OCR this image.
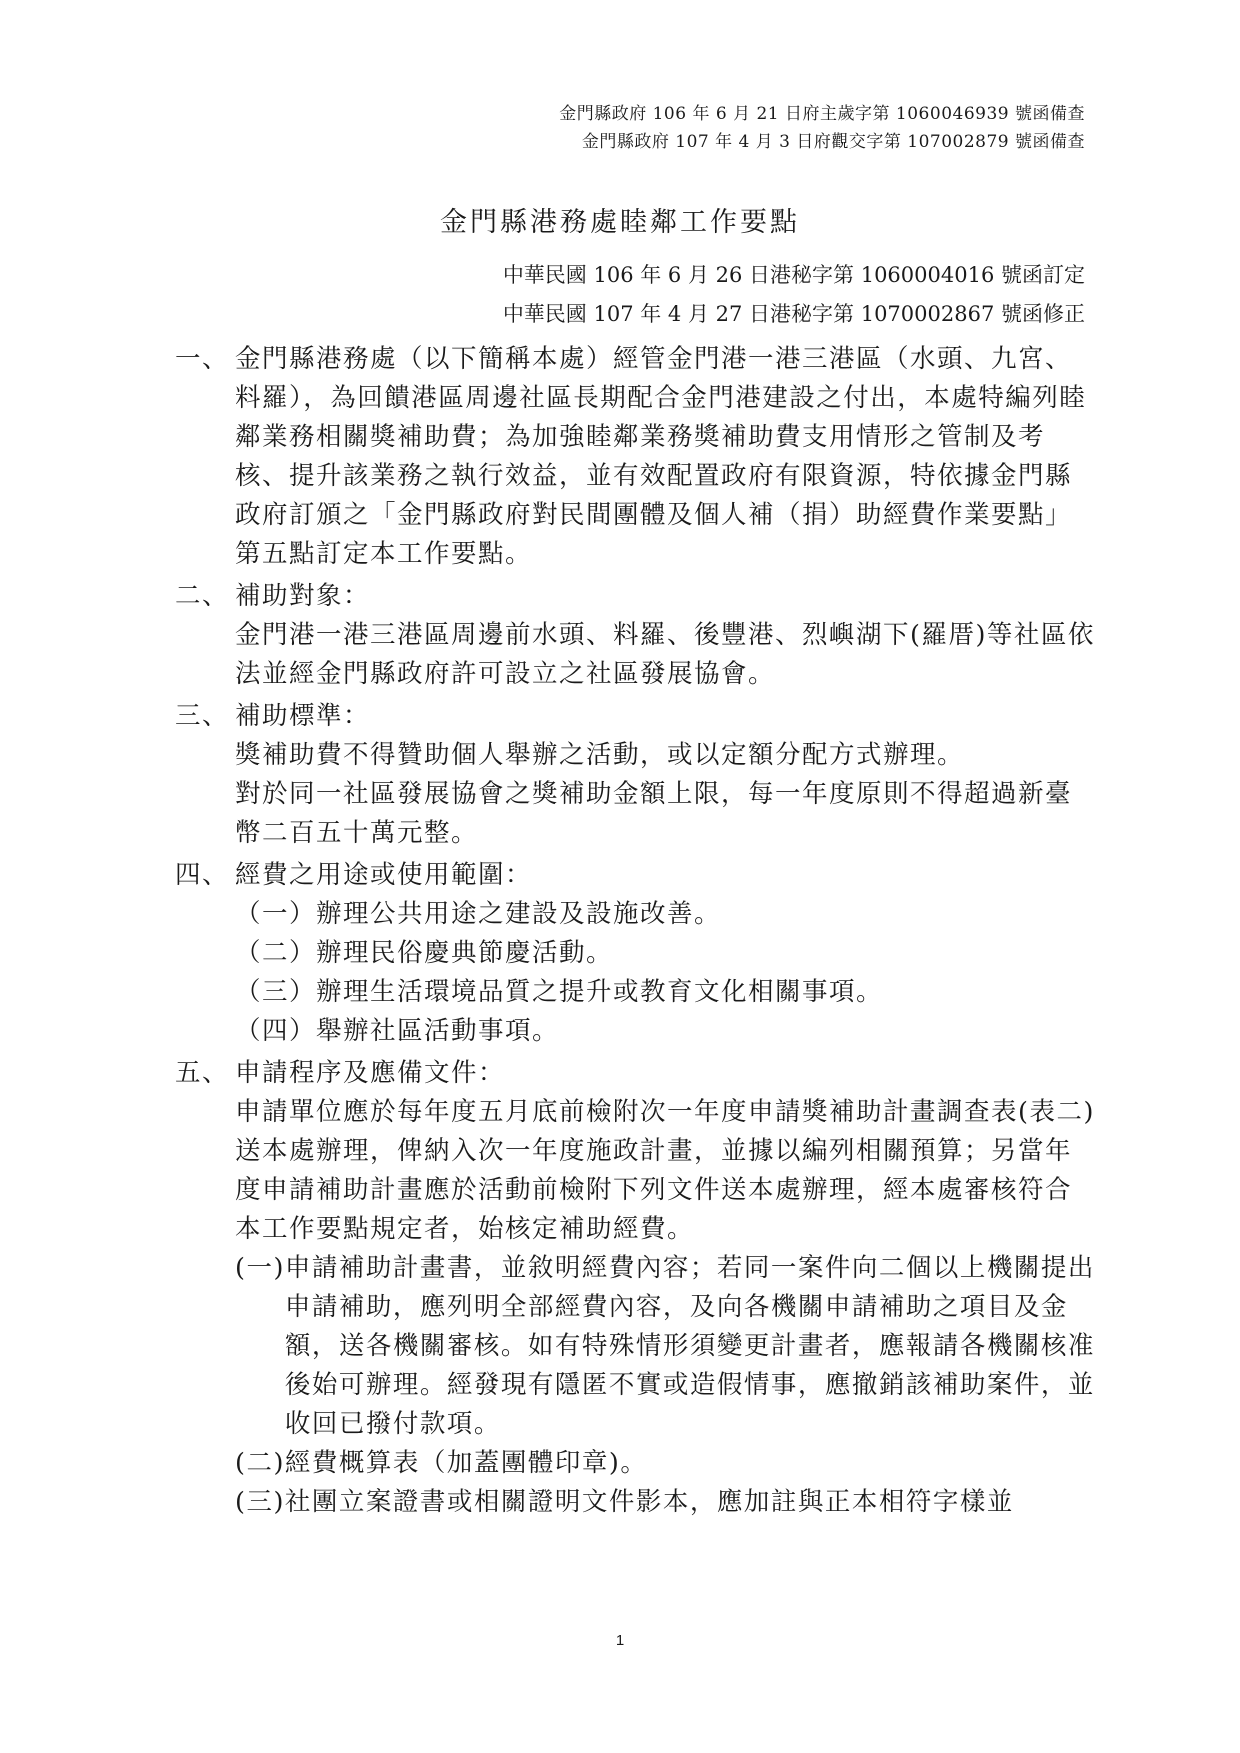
金門縣政府 106 年 6 月 21 日府主歲字第 1060046939 號函備查
金門縣政府 107 年 4 月 3 日府觀交字第 107002879 號函備查
金門縣港務處睦鄰工作要點
中華民國 106 年 6 月 26 日港秘字第 1060004016 號函訂定
中華民國 107 年 4 月 27 日港秘字第 1070002867 號函修正
一、 金門縣港務處（以下簡稱本處）經管金門港一港三港區（水頭、九宮、料羅），為回饋港區周邊社區長期配合金門港建設之付出，本處特編列睦鄰業務相關獎補助費；為加強睦鄰業務獎補助費支用情形之管制及考核、提升該業務之執行效益，並有效配置政府有限資源，特依據金門縣政府訂頒之「金門縣政府對民間團體及個人補（捐）助經費作業要點」第五點訂定本工作要點。
二、 補助對象：
金門港一港三港區周邊前水頭、料羅、後豐港、烈嶼湖下(羅厝)等社區依法並經金門縣政府許可設立之社區發展協會。
三、 補助標準：
獎補助費不得贊助個人舉辦之活動，或以定額分配方式辦理。
對於同一社區發展協會之獎補助金額上限，每一年度原則不得超過新臺幣二百五十萬元整。
四、 經費之用途或使用範圍：
（一） 辦理公共用途之建設及設施改善。
（二） 辦理民俗慶典節慶活動。
（三） 辦理生活環境品質之提升或教育文化相關事項。
（四） 舉辦社區活動事項。
五、 申請程序及應備文件：
申請單位應於每年度五月底前檢附次一年度申請獎補助計畫調查表(表二)送本處辦理，俾納入次一年度施政計畫，並據以編列相關預算；另當年度申請補助計畫應於活動前檢附下列文件送本處辦理，經本處審核符合本工作要點規定者，始核定補助經費。
(一) 申請補助計畫書，並敘明經費內容；若同一案件向二個以上機關提出申請補助，應列明全部經費內容，及向各機關申請補助之項目及金額，送各機關審核。如有特殊情形須變更計畫者，應報請各機關核准後始可辦理。經發現有隱匿不實或造假情事，應撤銷該補助案件，並收回已撥付款項。
(二) 經費概算表（加蓋團體印章)。
(三) 社團立案證書或相關證明文件影本，應加註與正本相符字樣並
1
